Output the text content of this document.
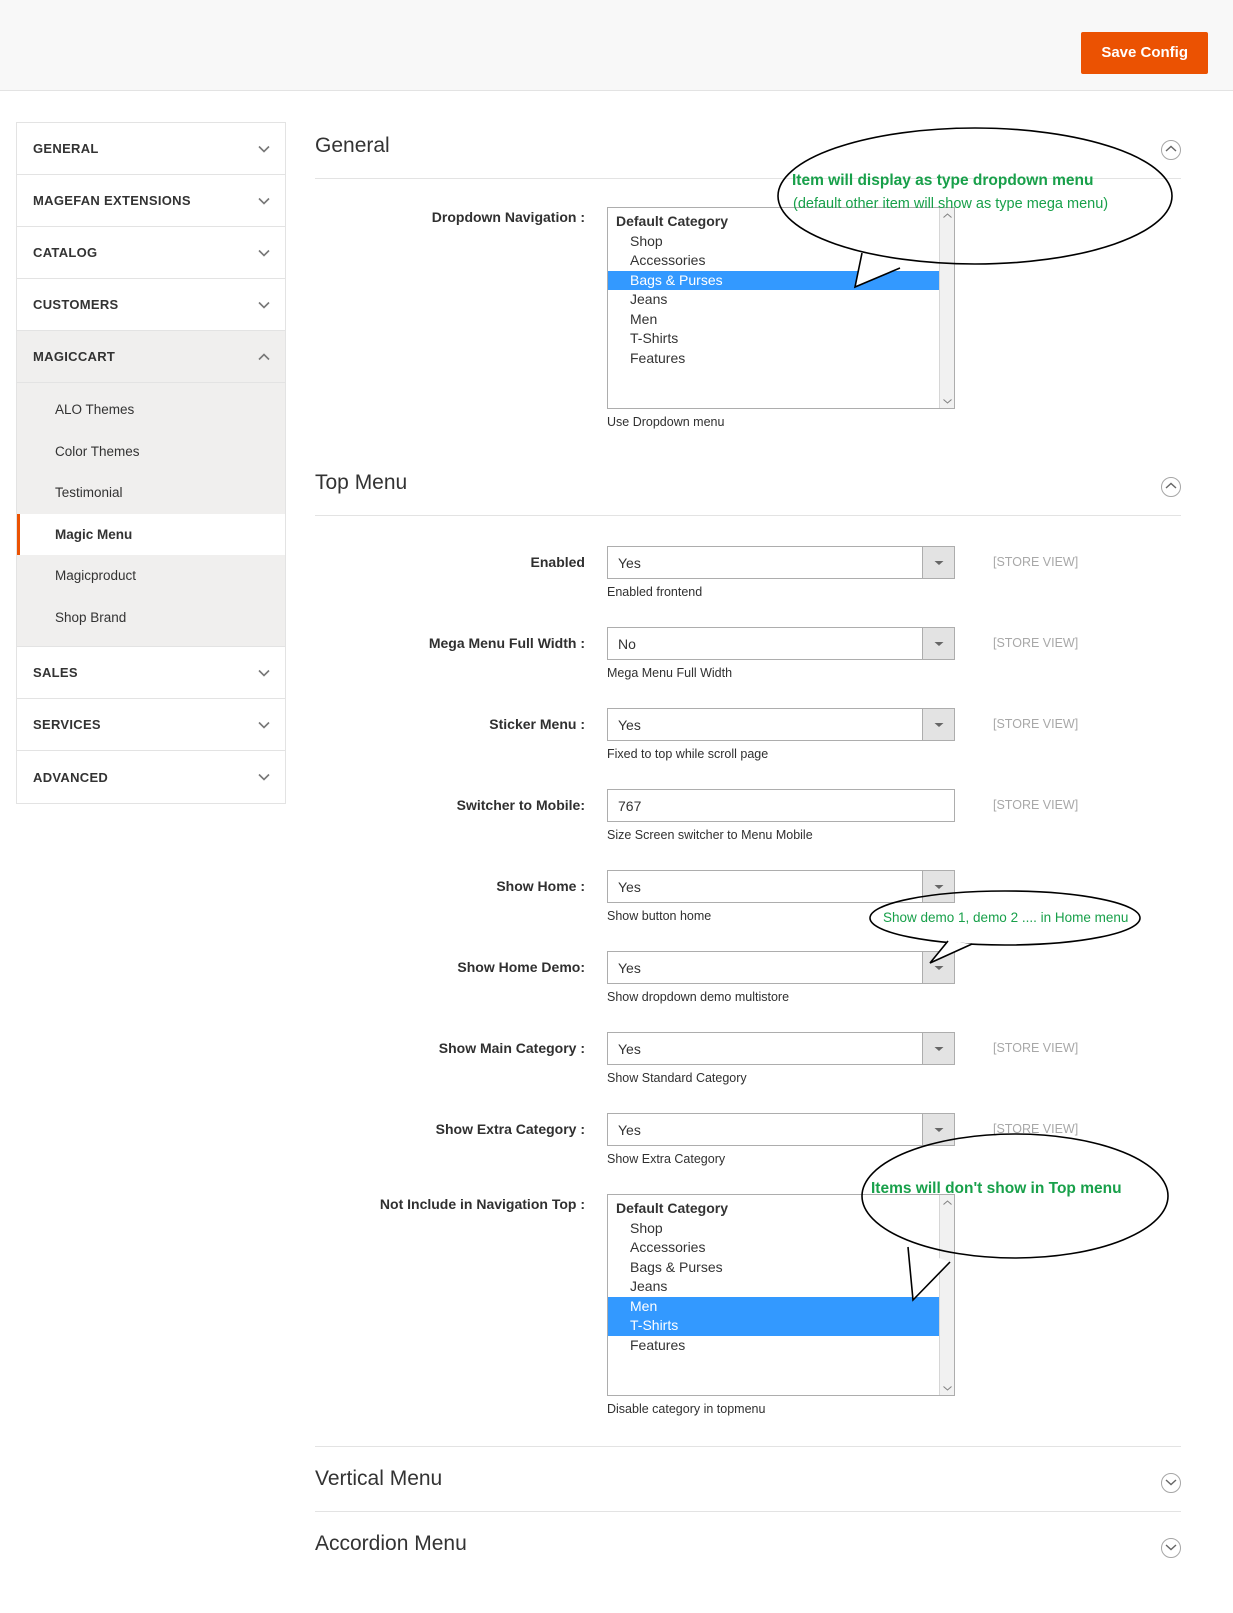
Save Config
GENERAL
MAGEFAN EXTENSIONS
CATALOG
CUSTOMERS
MAGICCART
ALO Themes
Color Themes
Testimonial
Magic Menu
Magicproduct
Shop Brand
SALES
SERVICES
ADVANCED
General
Dropdown Navigation :	Default Category
Shop
Accessories
Bags & Purses
Jeans
Men
T-Shirts
Features
Use Dropdown menu
Top Menu
Enabled	Yes
Enabled frontend
[STORE VIEW]
Mega Menu Full Width :	No
Mega Menu Full Width
[STORE VIEW]
Sticker Menu :	Yes
Fixed to top while scroll page
[STORE VIEW]
Switcher to Mobile:
767
Size Screen switcher to Menu Mobile
[STORE VIEW]
Show Home :	Yes
Show button home
Show Home Demo:	Yes
Show dropdown demo multistore
Show Main Category :	Yes
Show Standard Category
[STORE VIEW]
Show Extra Category :	Yes
Show Extra Category
[STORE VIEW]
Not Include in Navigation Top :	Default Category
Shop
Accessories
Bags & Purses
Jeans
Men
T-Shirts
Features
Disable category in topmenu
Vertical Menu
Accordion Menu
Item will display as type dropdown menu
(default other item will show as type mega menu)
Show demo 1, demo 2 .... in Home menu
Items will don't show in Top menu
